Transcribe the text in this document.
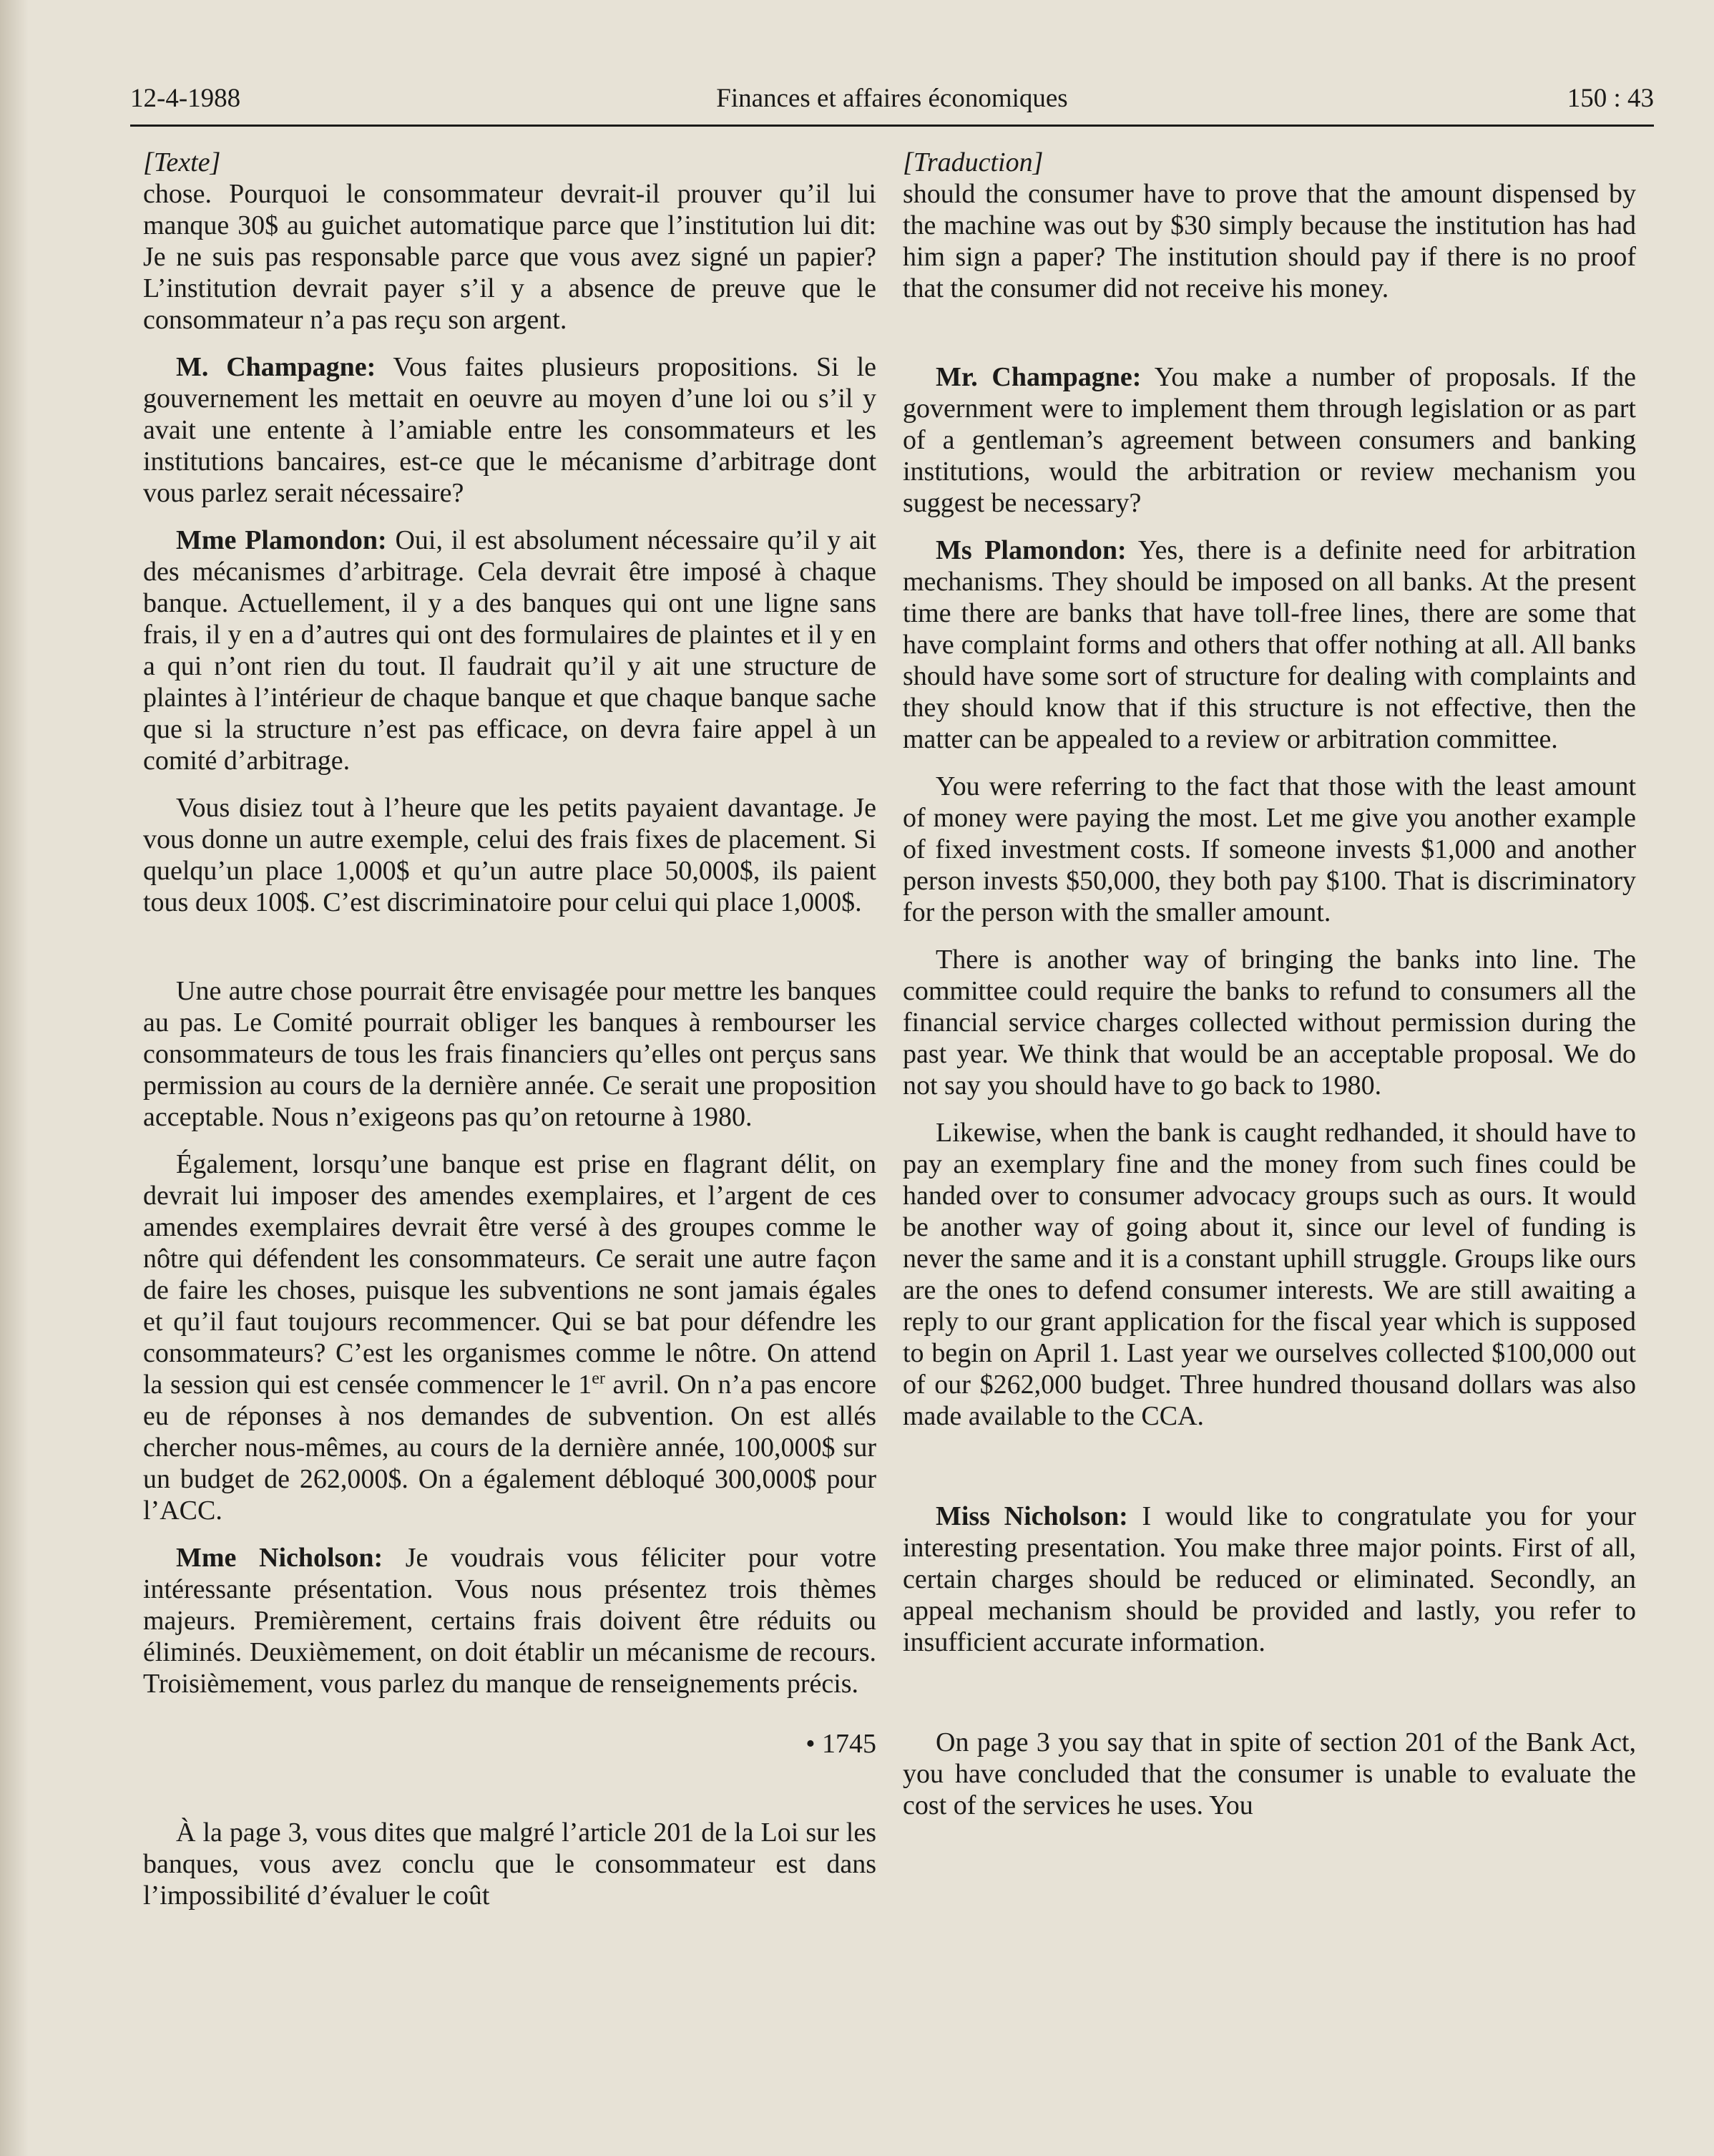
Finances et affaires économiques
12-4-1988	150 : 43

[Texte]

chose. Pourquoi le consommateur devrait-il prouver qu’il lui manque 30$ au guichet automatique parce que l’institution lui dit: Je ne suis pas responsable parce que vous avez signé un papier? L’institution devrait payer s’il y a absence de preuve que le consommateur n’a pas reçu son argent.

M. Champagne: Vous faites plusieurs propositions. Si le gouvernement les mettait en oeuvre au moyen d’une loi ou s’il y avait une entente à l’amiable entre les consommateurs et les institutions bancaires, est-ce que le mécanisme d’arbitrage dont vous parlez serait nécessaire?

Mme Plamondon: Oui, il est absolument nécessaire qu’il y ait des mécanismes d’arbitrage. Cela devrait être imposé à chaque banque. Actuellement, il y a des banques qui ont une ligne sans frais, il y en a d’autres qui ont des formulaires de plaintes et il y en a qui n’ont rien du tout. Il faudrait qu’il y ait une structure de plaintes à l’intérieur de chaque banque et que chaque banque sache que si la structure n’est pas efficace, on devra faire appel à un comité d’arbitrage.

Vous disiez tout à l’heure que les petits payaient davantage. Je vous donne un autre exemple, celui des frais fixes de placement. Si quelqu’un place 1,000$ et qu’un autre place 50,000$, ils paient tous deux 100$. C’est discriminatoire pour celui qui place 1,000$.

Une autre chose pourrait être envisagée pour mettre les banques au pas. Le Comité pourrait obliger les banques à rembourser les consommateurs de tous les frais financiers qu’elles ont perçus sans permission au cours de la dernière année. Ce serait une proposition acceptable. Nous n’exigeons pas qu’on retourne à 1980.

Également, lorsqu’une banque est prise en flagrant délit, on devrait lui imposer des amendes exemplaires, et l’argent de ces amendes exemplaires devrait être versé à des groupes comme le nôtre qui défendent les consommateurs. Ce serait une autre façon de faire les choses, puisque les subventions ne sont jamais égales et qu’il faut toujours recommencer. Qui se bat pour défendre les consommateurs? C’est les organismes comme le nôtre. On attend la session qui est censée commencer le 1er avril. On n’a pas encore eu de réponses à nos demandes de subvention. On est allés chercher nous-mêmes, au cours de la dernière année, 100,000$ sur un budget de 262,000$. On a également débloqué 300,000$ pour l’ACC.

Mme Nicholson: Je voudrais vous féliciter pour votre intéressante présentation. Vous nous présentez trois thèmes majeurs. Premièrement, certains frais doivent être réduits ou éliminés. Deuxièmement, on doit établir un mécanisme de recours. Troisièmement, vous parlez du manque de renseignements précis.

• 1745

À la page 3, vous dites que malgré l’article 201 de la Loi sur les banques, vous avez conclu que le consommateur est dans l’impossibilité d’évaluer le coût

[Traduction]

should the consumer have to prove that the amount dispensed by the machine was out by $30 simply because the institution has had him sign a paper? The institution should pay if there is no proof that the consumer did not receive his money.

Mr. Champagne: You make a number of proposals. If the government were to implement them through legislation or as part of a gentleman’s agreement between consumers and banking institutions, would the arbitration or review mechanism you suggest be necessary?

Ms Plamondon: Yes, there is a definite need for arbitration mechanisms. They should be imposed on all banks. At the present time there are banks that have toll-free lines, there are some that have complaint forms and others that offer nothing at all. All banks should have some sort of structure for dealing with complaints and they should know that if this structure is not effective, then the matter can be appealed to a review or arbitration committee.

You were referring to the fact that those with the least amount of money were paying the most. Let me give you another example of fixed investment costs. If someone invests $1,000 and another person invests $50,000, they both pay $100. That is discriminatory for the person with the smaller amount.

There is another way of bringing the banks into line. The committee could require the banks to refund to consumers all the financial service charges collected without permission during the past year. We think that would be an acceptable proposal. We do not say you should have to go back to 1980.

Likewise, when the bank is caught redhanded, it should have to pay an exemplary fine and the money from such fines could be handed over to consumer advocacy groups such as ours. It would be another way of going about it, since our level of funding is never the same and it is a constant uphill struggle. Groups like ours are the ones to defend consumer interests. We are still awaiting a reply to our grant application for the fiscal year which is supposed to begin on April 1. Last year we ourselves collected $100,000 out of our $262,000 budget. Three hundred thousand dollars was also made available to the CCA.

Miss Nicholson: I would like to congratulate you for your interesting presentation. You make three major points. First of all, certain charges should be reduced or eliminated. Secondly, an appeal mechanism should be provided and lastly, you refer to insufficient accurate information.

On page 3 you say that in spite of section 201 of the Bank Act, you have concluded that the consumer is unable to evaluate the cost of the services he uses. You
